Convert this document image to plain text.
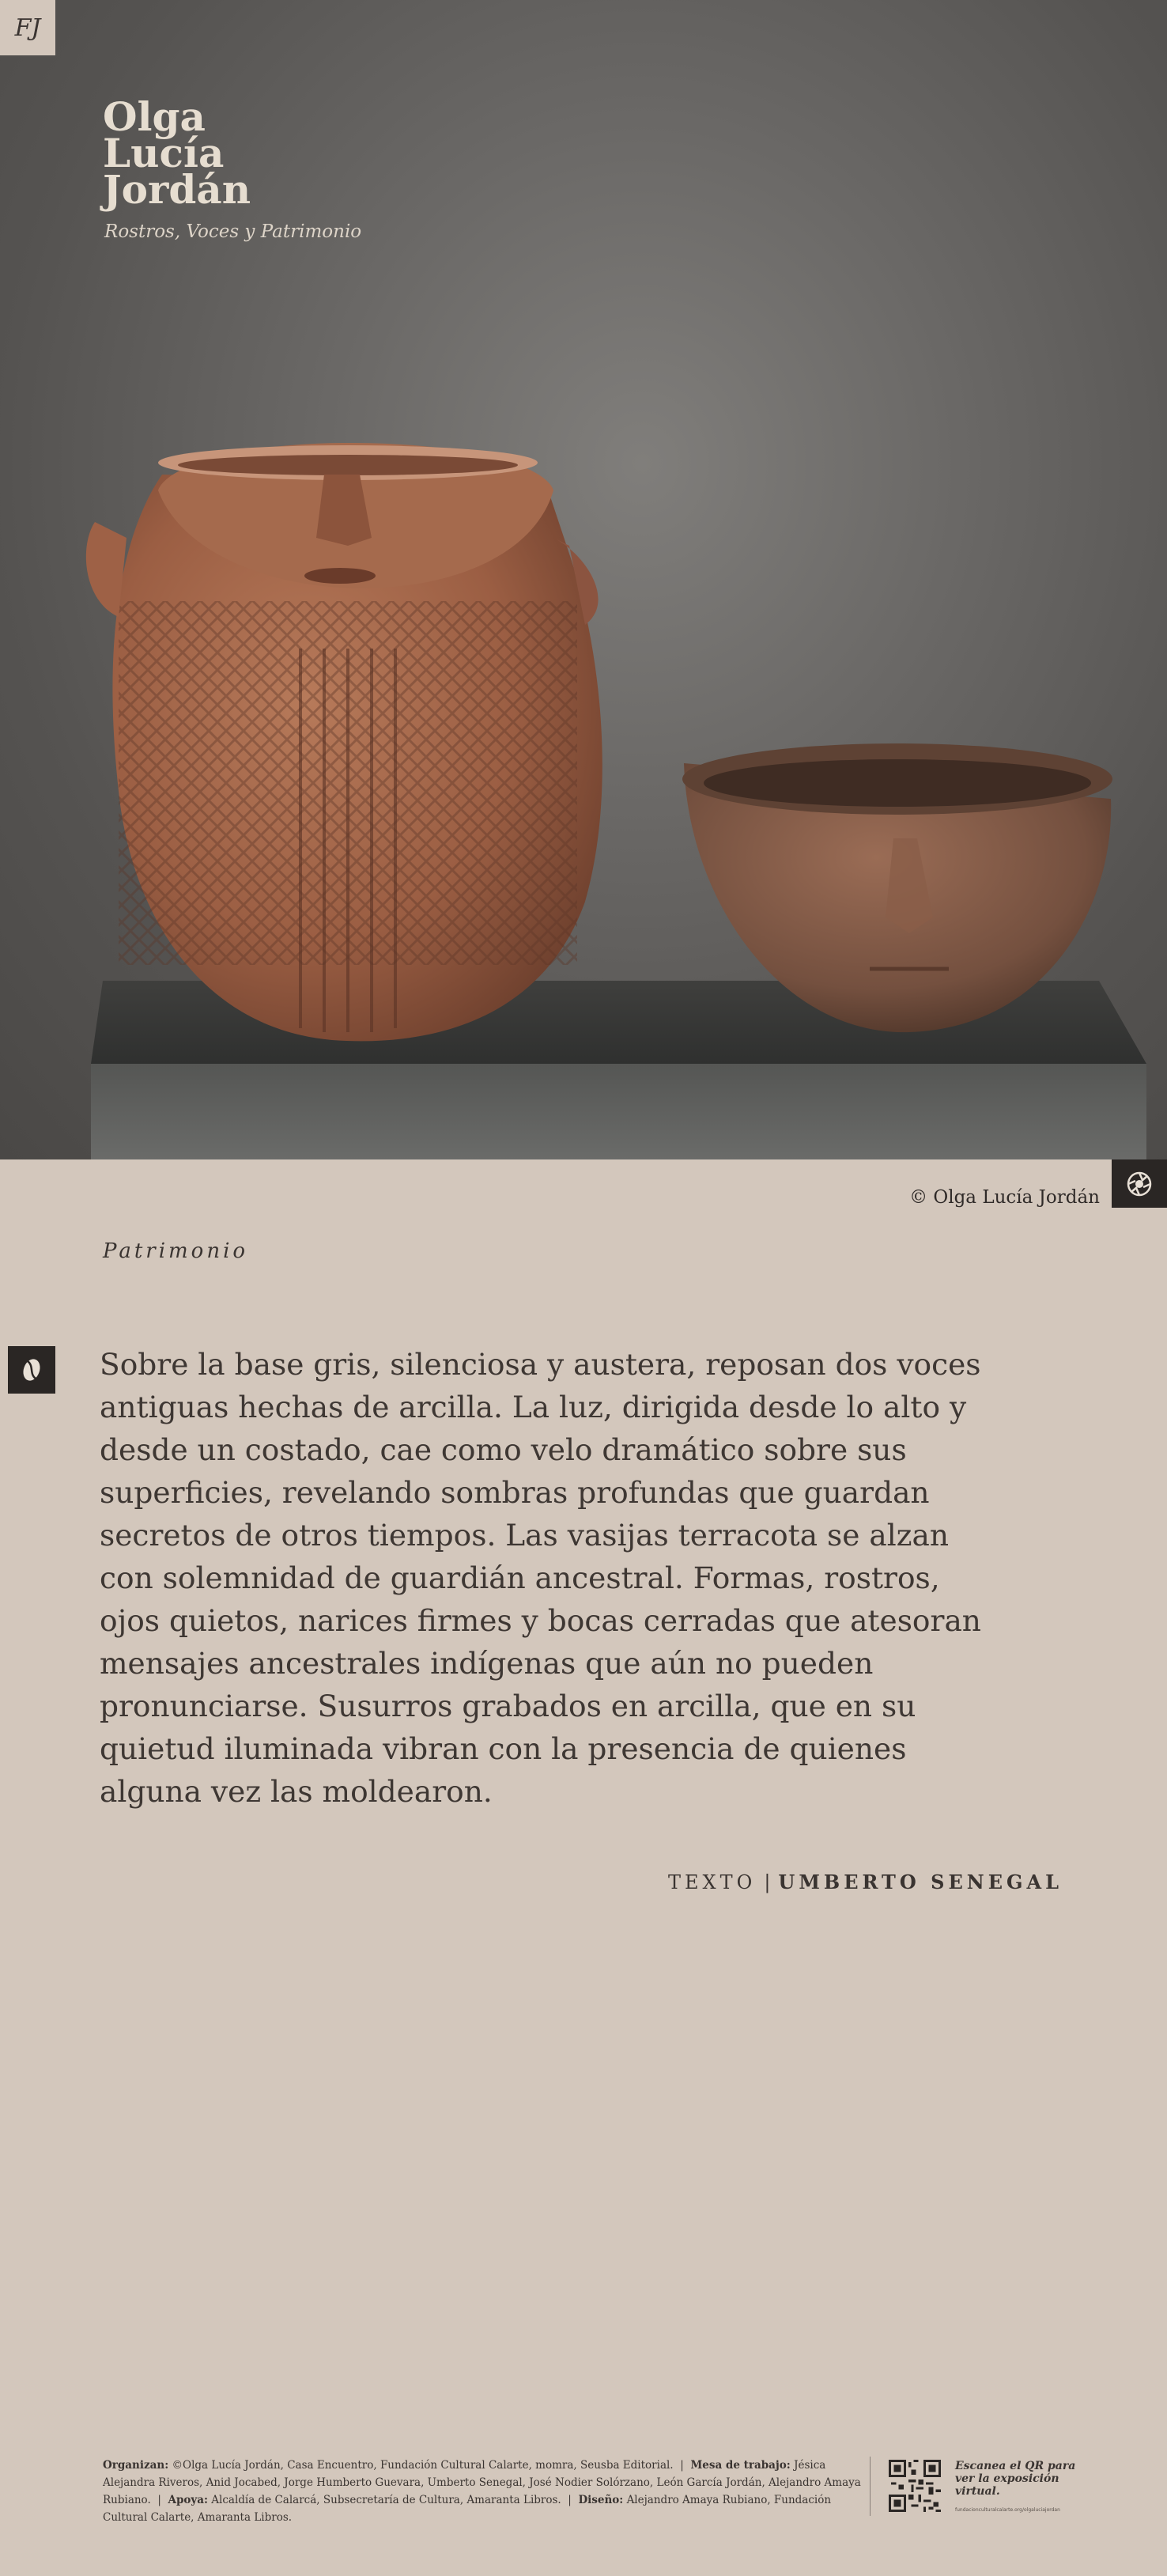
FJ
Olga
Lucía
Jordán
Rostros, Voces y Patrimonio
© Olga Lucía Jordán
Patrimonio

Sobre la base gris, silenciosa y austera, reposan dos voces antiguas hechas de arcilla. La luz, dirigida desde lo alto y desde un costado, cae como velo dramático sobre sus superficies, revelando sombras profundas que guardan secretos de otros tiempos. Las vasijas terracota se alzan con solemnidad de guardián ancestral. Formas, rostros, ojos quietos, narices firmes y bocas cerradas que atesoran mensajes ancestrales indígenas que aún no pueden pronunciarse. Susurros grabados en arcilla, que en su quietud iluminada vibran con la presencia de quienes alguna vez las moldearon.

TEXTO | UMBERTO SENEGAL
Organizan: ©Olga Lucía Jordán, Casa Encuentro, Fundación Cultural Calarte, momra, Seusba Editorial.  |  Mesa de trabajo: Jésica Alejandra Riveros, Anid Jocabed, Jorge Humberto Guevara, Umberto Senegal, José Nodier Solórzano, León García Jordán, Alejandro Amaya Rubiano.  |  Apoya: Alcaldía de Calarcá, Subsecretaría de Cultura, Amaranta Libros.  |  Diseño: Alejandro Amaya Rubiano, Fundación Cultural Calarte, Amaranta Libros.
Escanea el QR para ver la exposición virtual.
fundacionculturalcalarte.org/olgaluciajordan
